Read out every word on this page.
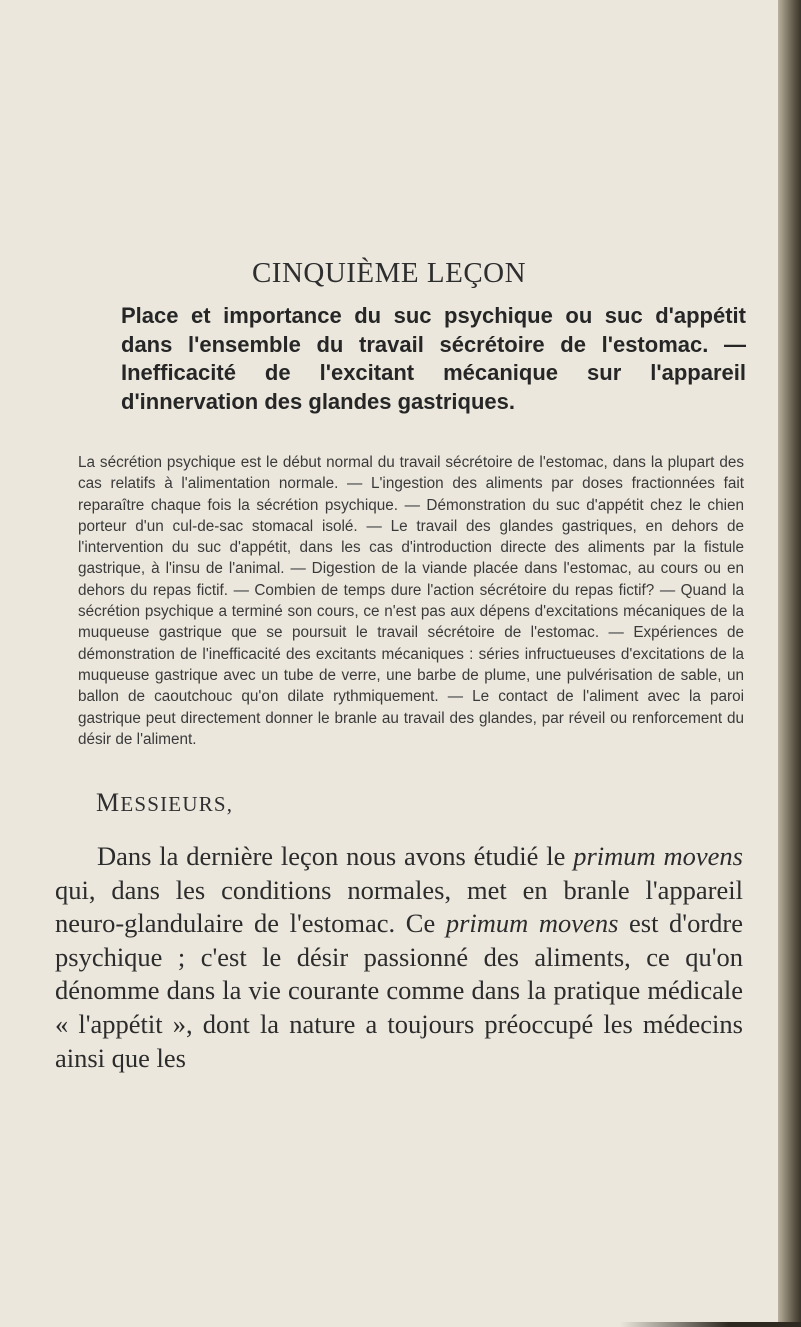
CINQUIÈME LEÇON

Place et importance du suc psychique ou suc d'appétit dans l'ensemble du travail sécrétoire de l'estomac. — Inefficacité de l'excitant mécanique sur l'appareil d'innervation des glandes gastriques.

La sécrétion psychique est le début normal du travail sécrétoire de l'estomac, dans la plupart des cas relatifs à l'alimentation normale. — L'ingestion des aliments par doses fractionnées fait reparaître chaque fois la sécrétion psychique. — Démonstration du suc d'appétit chez le chien porteur d'un cul-de-sac stomacal isolé. — Le travail des glandes gastriques, en dehors de l'intervention du suc d'appétit, dans les cas d'introduction directe des aliments par la fistule gastrique, à l'insu de l'animal. — Digestion de la viande placée dans l'estomac, au cours ou en dehors du repas fictif. — Combien de temps dure l'action sécrétoire du repas fictif? — Quand la sécrétion psychique a terminé son cours, ce n'est pas aux dépens d'excitations mécaniques de la muqueuse gastrique que se poursuit le travail sécrétoire de l'estomac. — Expériences de démonstration de l'inefficacité des excitants mécaniques : séries infructueuses d'excitations de la muqueuse gastrique avec un tube de verre, une barbe de plume, une pulvérisation de sable, un ballon de caoutchouc qu'on dilate rythmiquement. — Le contact de l'aliment avec la paroi gastrique peut directement donner le branle au travail des glandes, par réveil ou renforcement du désir de l'aliment.

MESSIEURS,

Dans la dernière leçon nous avons étudié le primum movens qui, dans les conditions normales, met en branle l'appareil neuro-glandulaire de l'estomac. Ce primum movens est d'ordre psychique ; c'est le désir passionné des aliments, ce qu'on dénomme dans la vie courante comme dans la pratique médicale « l'appétit », dont la nature a toujours préoccupé les médecins ainsi que les
